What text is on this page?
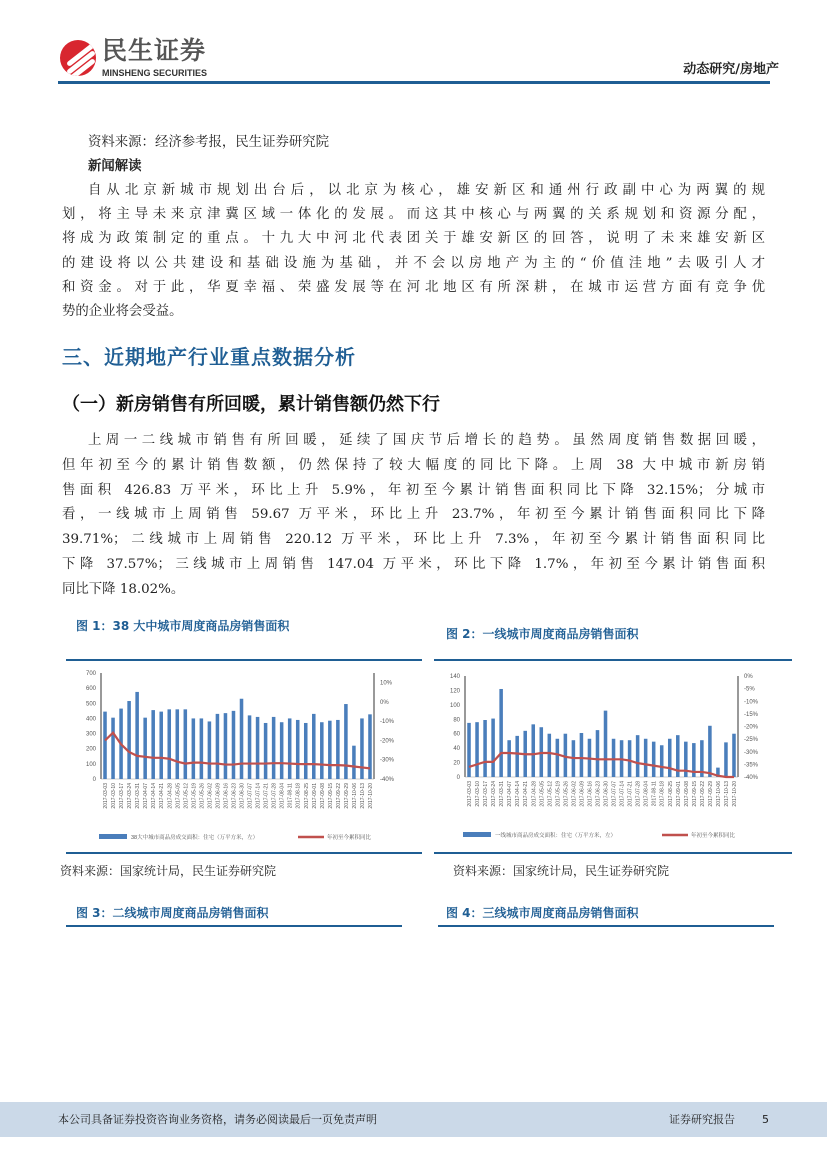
民生证券
MINSHENG SECURITIES	动态研究/房地产
资料来源：经济参考报，民生证券研究院
新闻解读
自从北京新城市规划出台后，以北京为核心，雄安新区和通州行政副中心为两翼的规
划，将主导未来京津冀区域一体化的发展。而这其中核心与两翼的关系规划和资源分配，
将成为政策制定的重点。十九大中河北代表团关于雄安新区的回答，说明了未来雄安新区
的建设将以公共建设和基础设施为基础，并不会以房地产为主的“价值洼地”去吸引人才
和资金。对于此，华夏幸福、荣盛发展等在河北地区有所深耕，在城市运营方面有竞争优
势的企业将会受益。
三、近期地产行业重点数据分析
（一）新房销售有所回暖，累计销售额仍然下行
上周一二线城市销售有所回暖，延续了国庆节后增长的趋势。虽然周度销售数据回暖，
但年初至今的累计销售数额，仍然保持了较大幅度的同比下降。上周 38 大中城市新房销
售面积 426.83 万平米，环比上升 5.9%，年初至今累计销售面积同比下降 32.15%；分城市
看，一线城市上周销售 59.67 万平米，环比上升 23.7%，年初至今累计销售面积同比下降
39.71%；二线城市上周销售 220.12 万平米，环比上升 7.3%，年初至今累计销售面积同比
下降 37.57%；三线城市上周销售 147.04 万平米，环比下降 1.7%，年初至今累计销售面积
同比下降 18.02%。
图 1：38 大中城市周度商品房销售面积
图 2：一线城市周度商品房销售面积
0
100
200
300
400
500
600
700
-40%
-30%
-20%
-10%
0%
10%
2017-03-03 2017-03-10 2017-03-17 2017-03-24 2017-03-31 2017-04-07 2017-04-14 2017-04-21 2017-04-28 2017-05-05 2017-05-12 2017-05-19 2017-05-26 2017-06-02 2017-06-09 2017-06-16 2017-06-23 2017-06-30 2017-07-07 2017-07-14 2017-07-21 2017-07-28 2017-08-04 2017-08-11 2017-08-18 2017-08-25 2017-09-01 2017-09-08 2017-09-15 2017-09-22 2017-09-29 2017-10-06 2017-10-13 2017-10-20
38大中城市商品房成交面积：住宅（万平方米，左）	年初至今累积同比
0
20
40
60
80
100
120
140
-40%
-35%
-30%
-25%
-20%
-15%
-10%
-5%
0%
2017-03-03 2017-03-10 2017-03-17 2017-03-24 2017-03-31 2017-04-07 2017-04-14 2017-04-21 2017-04-28 2017-05-05 2017-05-12 2017-05-19 2017-05-26 2017-06-02 2017-06-09 2017-06-16 2017-06-23 2017-06-30 2017-07-07 2017-07-14 2017-07-21 2017-07-28 2017-08-04 2017-08-11 2017-08-18 2017-08-25 2017-09-01 2017-09-08 2017-09-15 2017-09-22 2017-09-29 2017-10-06 2017-10-13 2017-10-20
一线城市商品房成交面积：住宅（万平方米，左）	年初至今累积同比
资料来源：国家统计局，民生证券研究院	资料来源：国家统计局，民生证券研究院
图 3：二线城市周度商品房销售面积	图 4：三线城市周度商品房销售面积
本公司具备证券投资咨询业务资格，请务必阅读最后一页免责声明	证券研究报告 5
